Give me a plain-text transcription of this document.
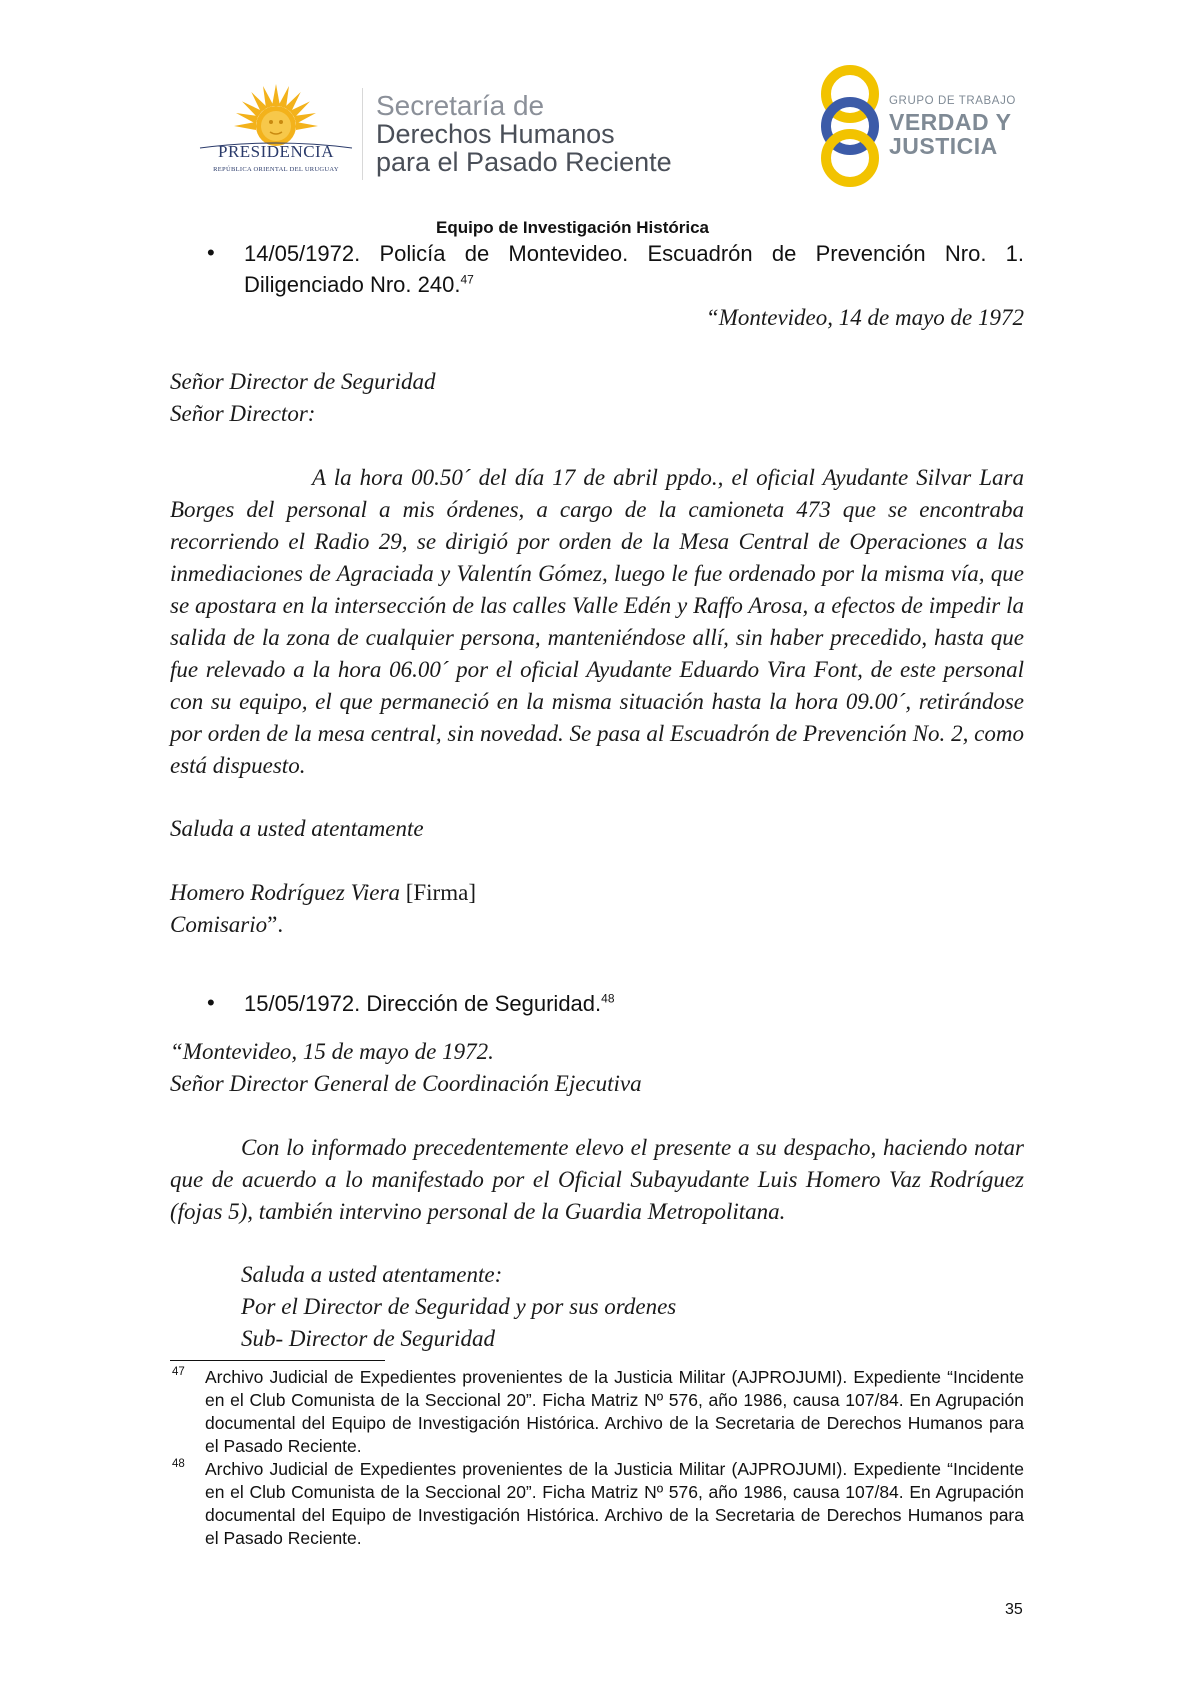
PRESIDENCIA
REPÚBLICA ORIENTAL DEL URUGUAY
Secretaría de
Derechos Humanos
para el Pasado Reciente
GRUPO DE TRABAJO
VERDAD Y
JUSTICIA
Equipo de Investigación Histórica
• 14/05/1972. Policía de Montevideo. Escuadrón de Prevención Nro. 1.
Diligenciado Nro. 240.47
“Montevideo, 14 de mayo de 1972
Señor Director de Seguridad
Señor Director:
A la hora 00.50´ del día 17 de abril ppdo., el oficial Ayudante Silvar Lara Borges del personal a mis órdenes, a cargo de la camioneta 473 que se encontraba recorriendo el Radio 29, se dirigió por orden de la Mesa Central de Operaciones a las inmediaciones de Agraciada y Valentín Gómez, luego le fue ordenado por la misma vía, que se apostara en la intersección de las calles Valle Edén y Raffo Arosa, a efectos de impedir la salida de la zona de cualquier persona, manteniéndose allí, sin haber precedido, hasta que fue relevado a la hora 06.00´ por el oficial Ayudante Eduardo Vira Font, de este personal con su equipo, el que permaneció en la misma situación hasta la hora 09.00´, retirándose por orden de la mesa central, sin novedad. Se pasa al Escuadrón de Prevención No. 2, como está dispuesto.
Saluda a usted atentamente
Homero Rodríguez Viera [Firma]
Comisario”.
• 15/05/1972. Dirección de Seguridad.$^{48}$
“Montevideo, 15 de mayo de 1972.
Señor Director General de Coordinación Ejecutiva
Con lo informado precedentemente elevo el presente a su despacho, haciendo notar que de acuerdo a lo manifestado por el Oficial Subayudante Luis Homero Vaz Rodríguez (fojas 5), también intervino personal de la Guardia Metropolitana.
Saluda a usted atentamente:
Por el Director de Seguridad y por sus ordenes
Sub- Director de Seguridad
47 Archivo Judicial de Expedientes provenientes de la Justicia Militar (AJPROJUMI). Expediente “Incidente en el Club Comunista de la Seccional 20”. Ficha Matriz Nº 576, año 1986, causa 107/84. En Agrupación documental del Equipo de Investigación Histórica. Archivo de la Secretaria de Derechos Humanos para el Pasado Reciente.
48 Archivo Judicial de Expedientes provenientes de la Justicia Militar (AJPROJUMI). Expediente “Incidente en el Club Comunista de la Seccional 20”. Ficha Matriz Nº 576, año 1986, causa 107/84. En Agrupación documental del Equipo de Investigación Histórica. Archivo de la Secretaria de Derechos Humanos para el Pasado Reciente.
35
